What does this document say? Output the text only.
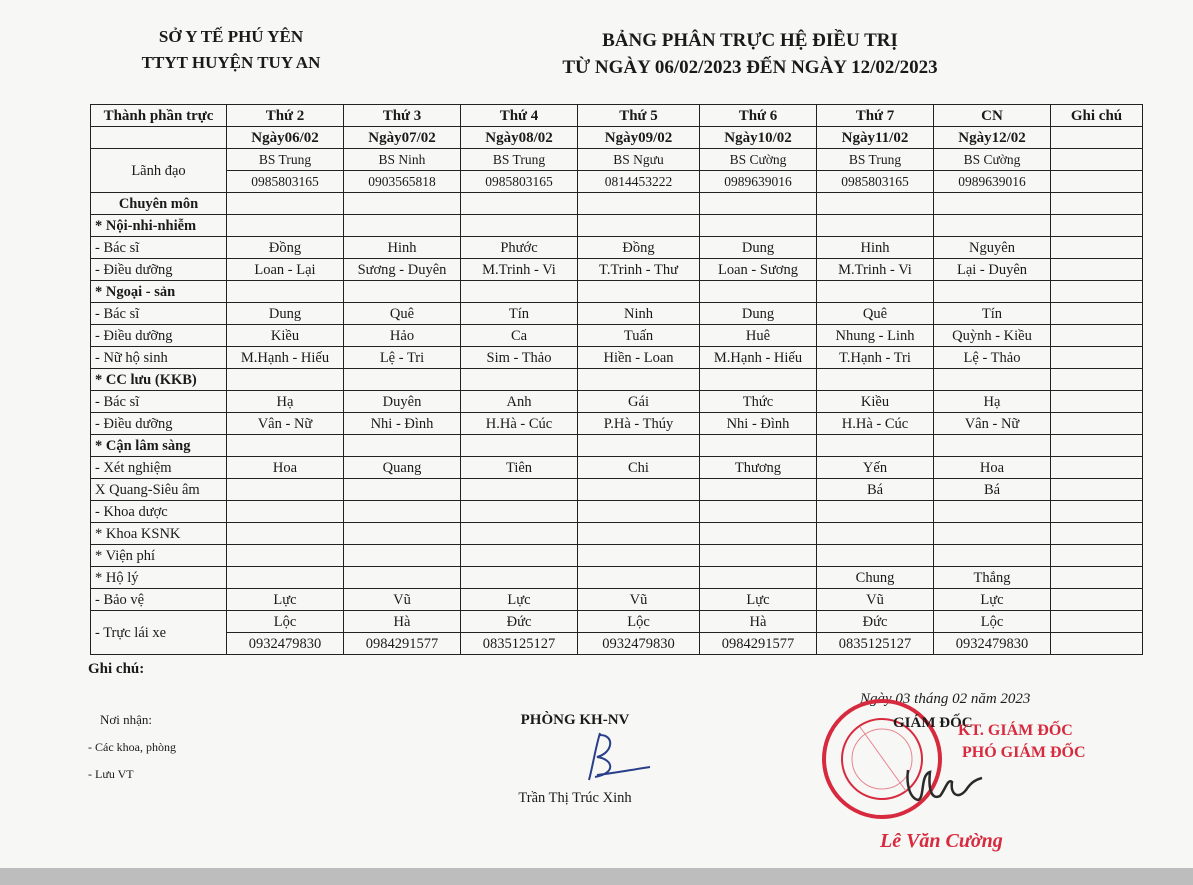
SỞ Y TẾ PHÚ YÊN
TTYT HUYỆN TUY AN
BẢNG PHÂN TRỰC HỆ ĐIỀU TRỊ
TỪ NGÀY 06/02/2023 ĐẾN NGÀY 12/02/2023
Thành phần trực	Thứ 2	Thứ 3	Thứ 4	Thứ 5	Thứ 6	Thứ 7	CN	Ghi chú
	Ngày06/02	Ngày07/02	Ngày08/02	Ngày09/02	Ngày10/02	Ngày11/02	Ngày12/02	
Lãnh đạo	BS Trung	BS Ninh	BS Trung	BS Ngưu	BS Cường	BS Trung	BS Cường	
	0985803165	0903565818	0985803165	0814453222	0989639016	0985803165	0989639016	
Chuyên môn								
* Nội-nhi-nhiễm								
- Bác sĩ	Đồng	Hinh	Phước	Đồng	Dung	Hinh	Nguyên	
- Điều dưỡng	Loan - Lại	Sương - Duyên	M.Trinh - Vi	T.Trinh - Thư	Loan - Sương	M.Trinh - Vi	Lại - Duyên	
* Ngoại - sản								
- Bác sĩ	Dung	Quê	Tín	Ninh	Dung	Quê	Tín	
- Điều dưỡng	Kiều	Hảo	Ca	Tuấn	Huê	Nhung - Linh	Quỳnh - Kiều	
- Nữ hộ sinh	M.Hạnh - Hiếu	Lệ - Tri	Sim - Thảo	Hiền - Loan	M.Hạnh - Hiếu	T.Hạnh - Tri	Lệ - Thảo	
* CC lưu (KKB)								
- Bác sĩ	Hạ	Duyên	Anh	Gái	Thức	Kiều	Hạ	
- Điều dưỡng	Vân - Nữ	Nhi - Đình	H.Hà - Cúc	P.Hà - Thúy	Nhi - Đình	H.Hà - Cúc	Vân - Nữ	
* Cận lâm sàng								
- Xét nghiệm	Hoa	Quang	Tiên	Chi	Thương	Yến	Hoa	
X Quang-Siêu âm						Bá	Bá	
- Khoa dược								
* Khoa KSNK								
* Viện phí								
* Hộ lý						Chung	Thắng	
- Bảo vệ	Lực	Vũ	Lực	Vũ	Lực	Vũ	Lực	
- Trực lái xe	Lộc	Hà	Đức	Lộc	Hà	Đức	Lộc	
	0932479830	0984291577	0835125127	0932479830	0984291577	0835125127	0932479830	
Ghi chú:
Nơi nhận:
- Các khoa, phòng
- Lưu VT
PHÒNG KH-NV
Trần Thị Trúc Xinh
Ngày 03 tháng 02 năm 2023
GIÁM ĐỐC
KT. GIÁM ĐỐC
PHÓ GIÁM ĐỐC
Lê Văn Cường
